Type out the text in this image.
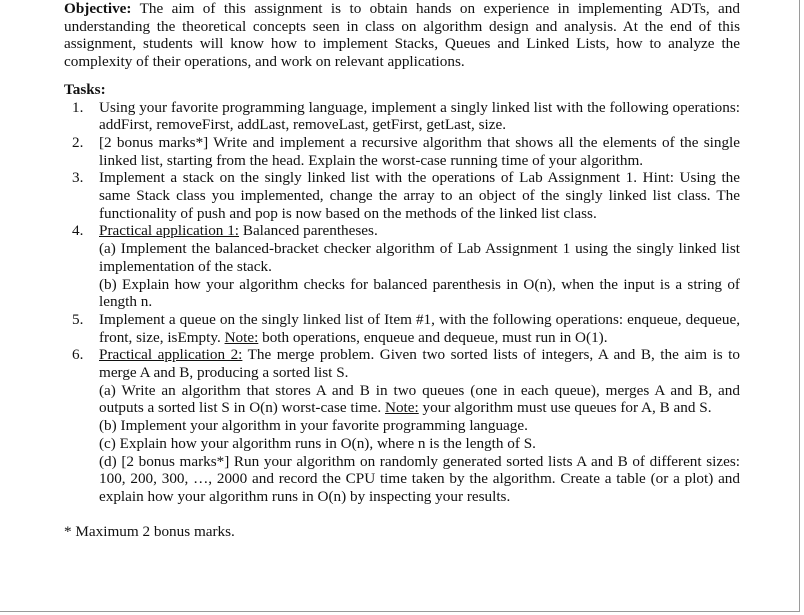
Objective: The aim of this assignment is to obtain hands on experience in implementing ADTs, and understanding the theoretical concepts seen in class on algorithm design and analysis. At the end of this assignment, students will know how to implement Stacks, Queues and Linked Lists, how to analyze the complexity of their operations, and work on relevant applications.

Tasks:

1. Using your favorite programming language, implement a singly linked list with the following operations: addFirst, removeFirst, addLast, removeLast, getFirst, getLast, size.

2. [2 bonus marks*] Write and implement a recursive algorithm that shows all the elements of the single linked list, starting from the head. Explain the worst-case running time of your algorithm.

3. Implement a stack on the singly linked list with the operations of Lab Assignment 1. Hint: Using the same Stack class you implemented, change the array to an object of the singly linked list class. The functionality of push and pop is now based on the methods of the linked list class.

4. Practical application 1: Balanced parentheses.

(a) Implement the balanced-bracket checker algorithm of Lab Assignment 1 using the singly linked list implementation of the stack.

(b) Explain how your algorithm checks for balanced parenthesis in O(n), when the input is a string of length n.

5. Implement a queue on the singly linked list of Item #1, with the following operations: enqueue, dequeue, front, size, isEmpty. Note: both operations, enqueue and dequeue, must run in O(1).

6. Practical application 2: The merge problem. Given two sorted lists of integers, A and B, the aim is to merge A and B, producing a sorted list S.

(a) Write an algorithm that stores A and B in two queues (one in each queue), merges A and B, and outputs a sorted list S in O(n) worst-case time. Note: your algorithm must use queues for A, B and S.

(b) Implement your algorithm in your favorite programming language.

(c) Explain how your algorithm runs in O(n), where n is the length of S.

(d) [2 bonus marks*] Run your algorithm on randomly generated sorted lists A and B of different sizes: 100, 200, 300, …, 2000 and record the CPU time taken by the algorithm. Create a table (or a plot) and explain how your algorithm runs in O(n) by inspecting your results.

* Maximum 2 bonus marks.
